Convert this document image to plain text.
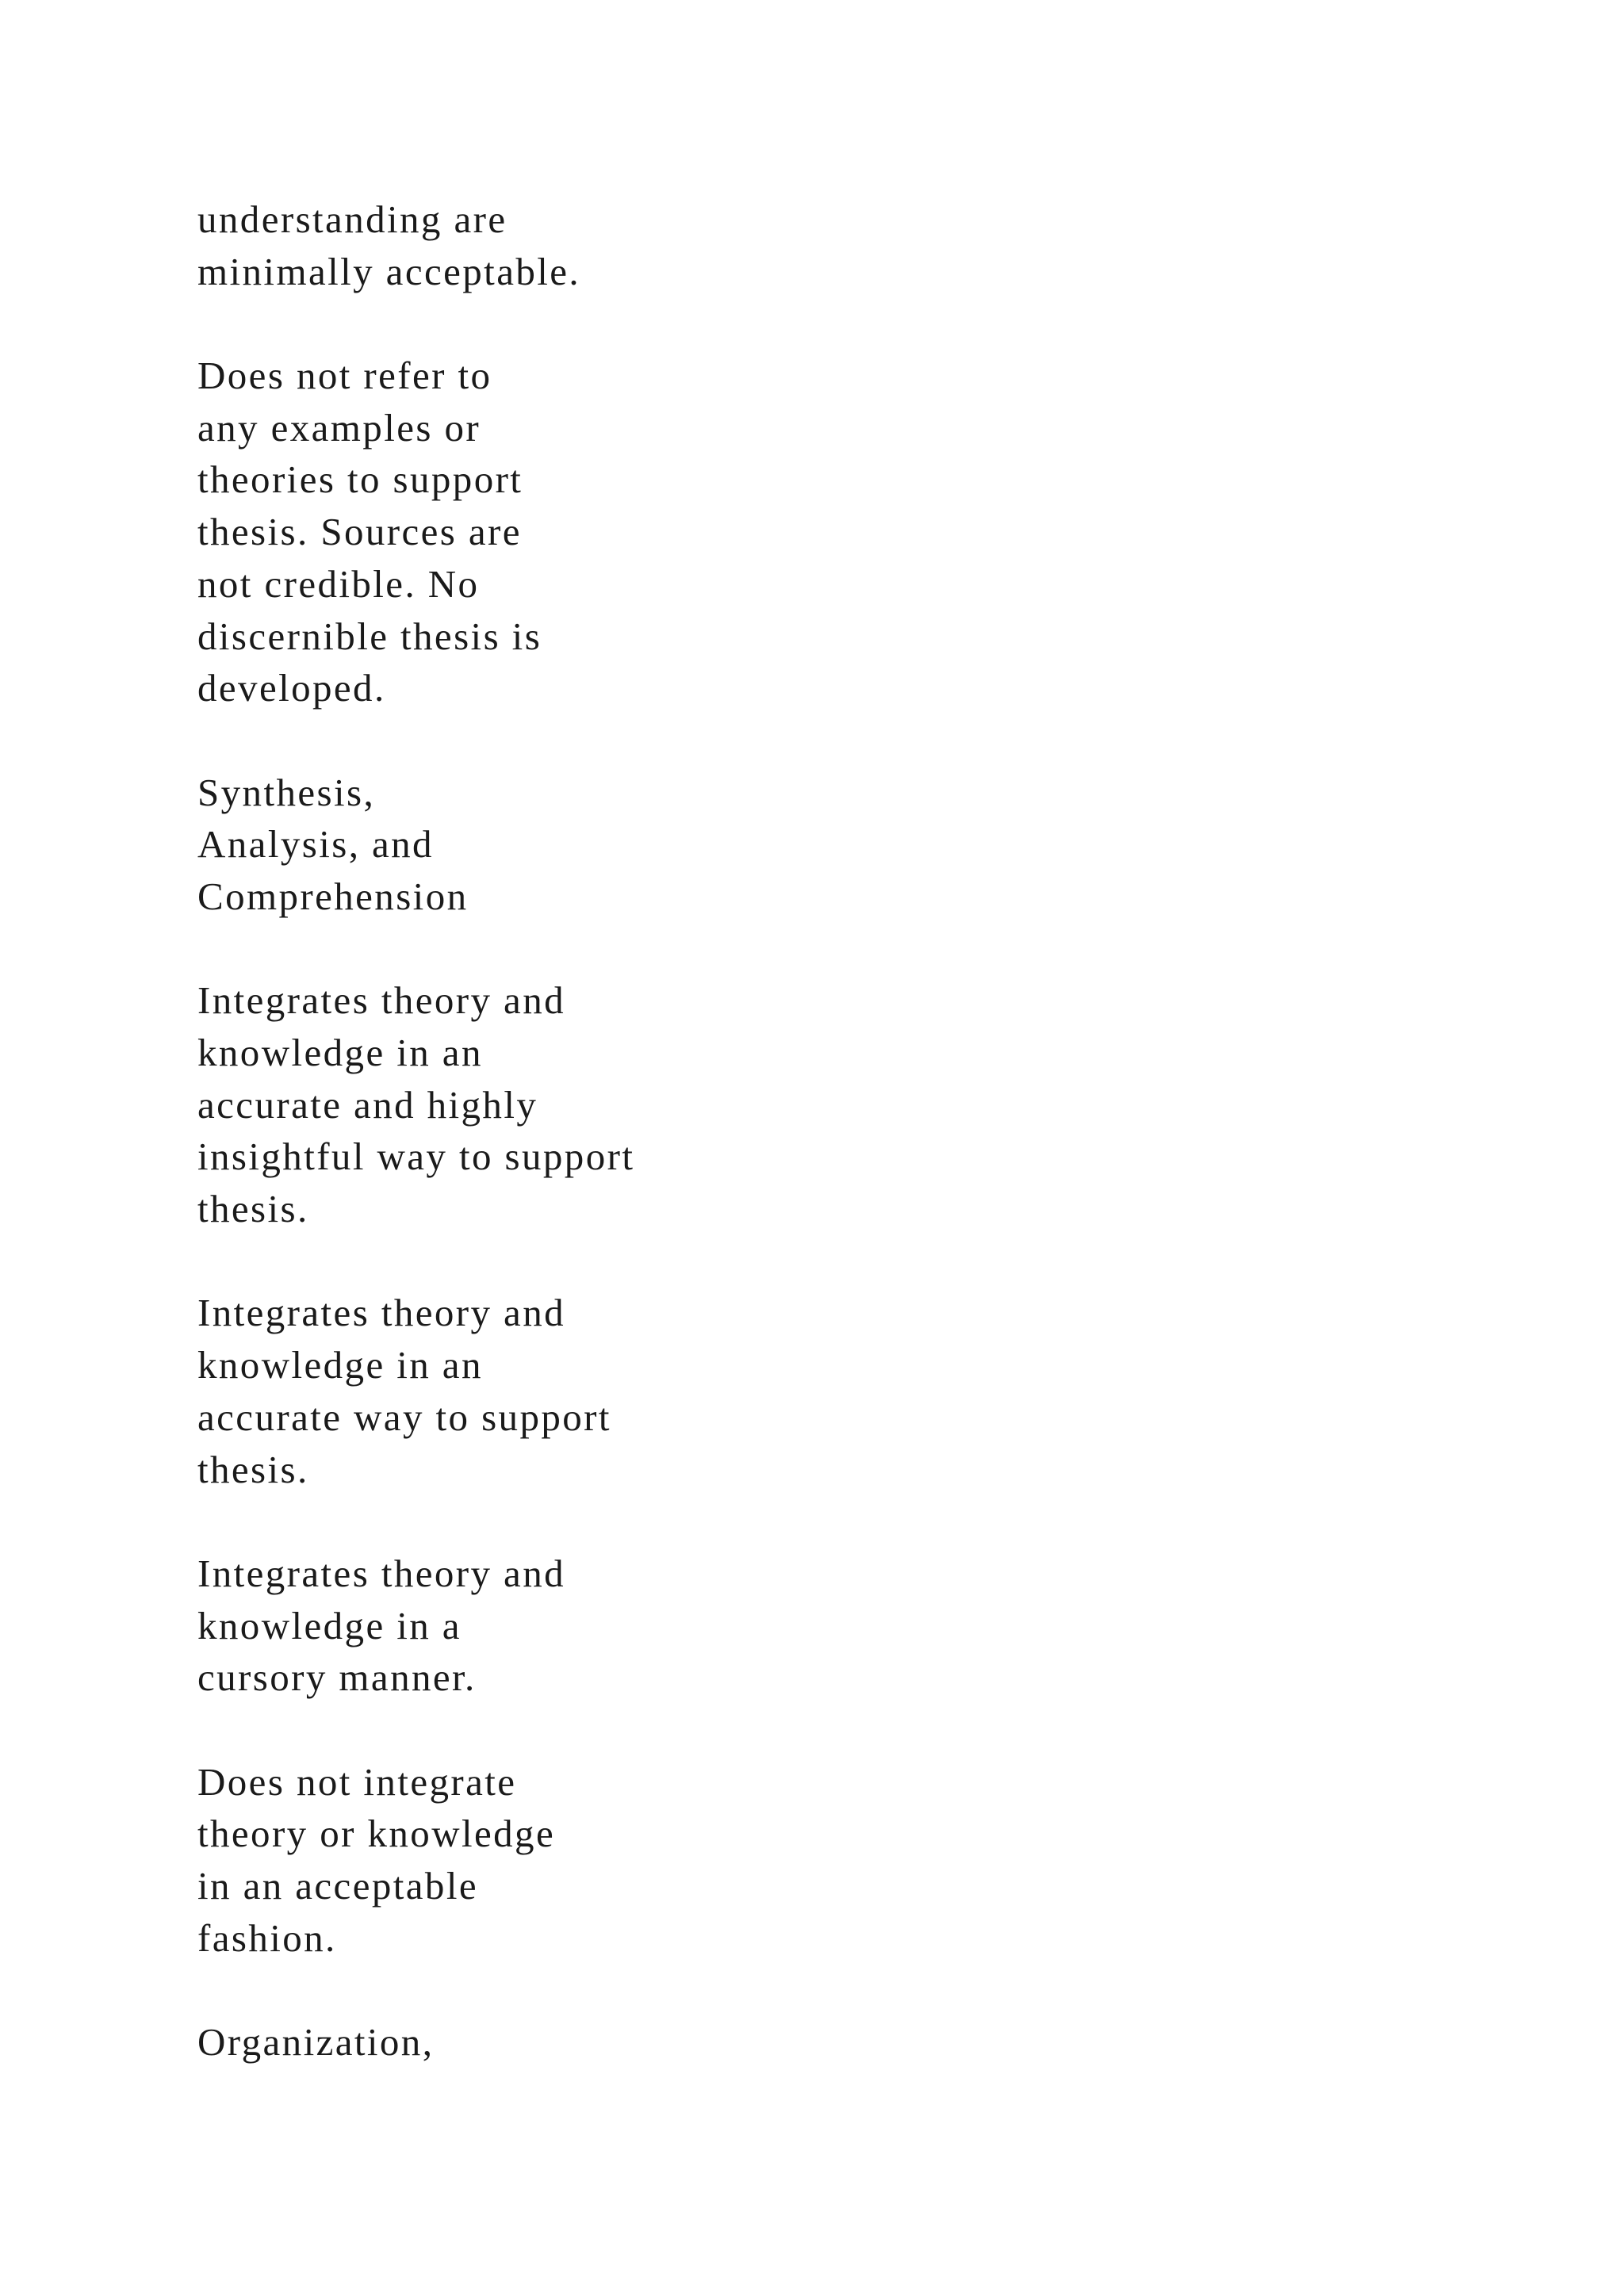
understanding are
minimally acceptable.
Does not refer to
any examples or
theories to support
thesis. Sources are
not credible. No
discernible thesis is
developed.
Synthesis,
Analysis, and
Comprehension
Integrates theory and
knowledge in an
accurate and highly
insightful way to support
thesis.
Integrates theory and
knowledge in an
accurate way to support
thesis.
Integrates theory and
knowledge in a
cursory manner.
Does not integrate
theory or knowledge
in an acceptable
fashion.
Organization,
